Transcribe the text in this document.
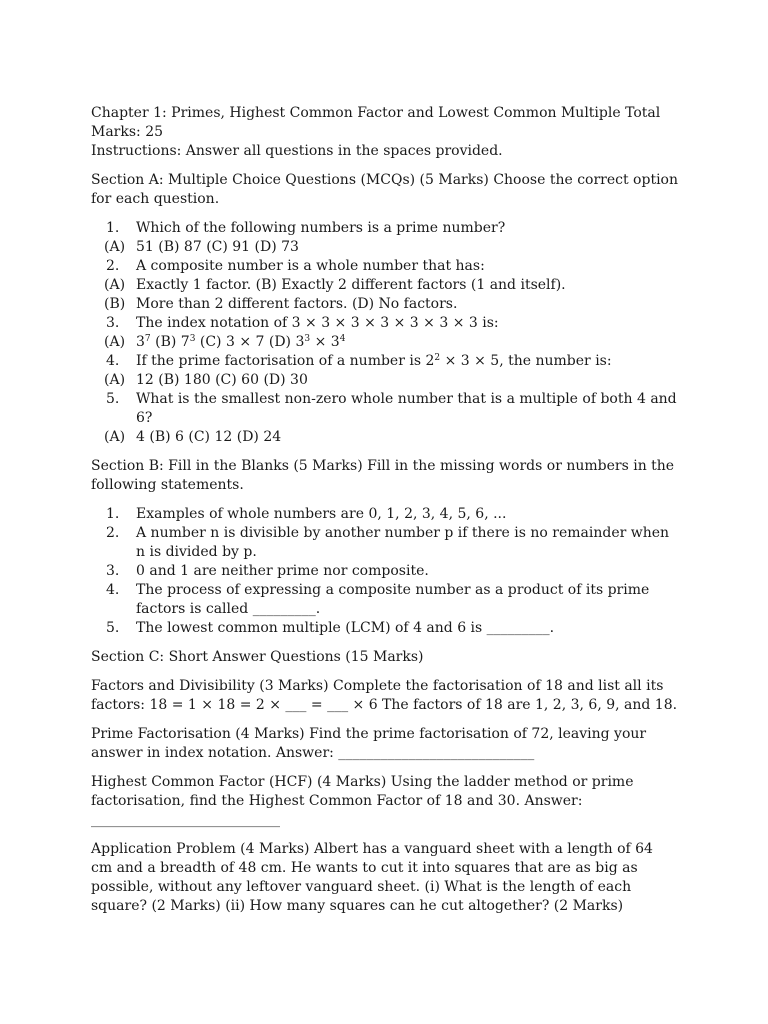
Chapter 1: Primes, Highest Common Factor and Lowest Common Multiple Total Marks: 25

Instructions: Answer all questions in the spaces provided.

Section A: Multiple Choice Questions (MCQs) (5 Marks) Choose the correct option for each question.

1.	Which of the following numbers is a prime number?
(A) 51 (B) 87 (C) 91 (D) 73
2.	A composite number is a whole number that has:
(A) Exactly 1 factor. (B) Exactly 2 different factors (1 and itself).
(B) More than 2 different factors. (D) No factors.
3.	The index notation of 3 × 3 × 3 × 3 × 3 × 3 × 3 is:
(A) $3^7$ (B) $7^3$ (C) 3 × 7 (D) $3^3 \times 3^4$
4.	If the prime factorisation of a number is $2^2 \times 3 \times 5$, the number is:
(A) 12 (B) 180 (C) 60 (D) 30
5.	What is the smallest non-zero whole number that is a multiple of both 4 and 6?
(A) 4 (B) 6 (C) 12 (D) 24

Section B: Fill in the Blanks (5 Marks) Fill in the missing words or numbers in the following statements.

1.	Examples of whole numbers are 0, 1, 2, 3, 4, 5, 6, ...
2.	A number n is divisible by another number p if there is no remainder when n is divided by p.
3.	0 and 1 are neither prime nor composite.
4.	The process of expressing a composite number as a product of its prime factors is called _________.
5.	The lowest common multiple (LCM) of 4 and 6 is _________.

Section C: Short Answer Questions (15 Marks)

Factors and Divisibility (3 Marks) Complete the factorisation of 18 and list all its factors: 18 = 1 × 18 = 2 × ___ = ___ × 6 The factors of 18 are 1, 2, 3, 6, 9, and 18.

Prime Factorisation (4 Marks) Find the prime factorisation of 72, leaving your answer in index notation. Answer: ____________________________

Highest Common Factor (HCF) (4 Marks) Using the ladder method or prime factorisation, find the Highest Common Factor of 18 and 30. Answer: ___________________________

Application Problem (4 Marks) Albert has a vanguard sheet with a length of 64 cm and a breadth of 48 cm. He wants to cut it into squares that are as big as possible, without any leftover vanguard sheet. (i) What is the length of each square? (2 Marks) (ii) How many squares can he cut altogether? (2 Marks)
